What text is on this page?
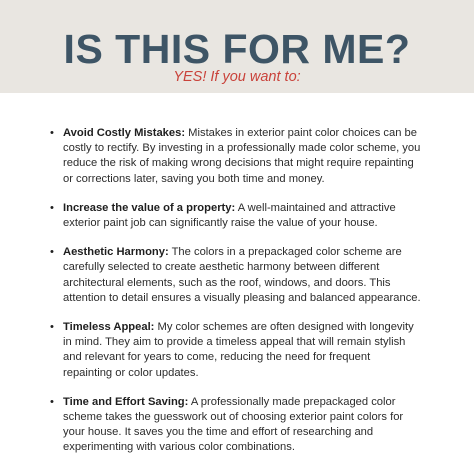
IS THIS FOR ME?
YES! If you want to:
• Avoid Costly Mistakes: Mistakes in exterior paint color choices can be costly to rectify. By investing in a professionally made color scheme, you reduce the risk of making wrong decisions that might require repainting or corrections later, saving you both time and money.
• Increase the value of a property: A well-maintained and attractive exterior paint job can significantly raise the value of your house.
• Aesthetic Harmony: The colors in a prepackaged color scheme are carefully selected to create aesthetic harmony between different architectural elements, such as the roof, windows, and doors. This attention to detail ensures a visually pleasing and balanced appearance.
• Timeless Appeal: My color schemes are often designed with longevity in mind. They aim to provide a timeless appeal that will remain stylish and relevant for years to come, reducing the need for frequent repainting or color updates.
• Time and Effort Saving: A professionally made prepackaged color scheme takes the guesswork out of choosing exterior paint colors for your house. It saves you the time and effort of researching and experimenting with various color combinations.
